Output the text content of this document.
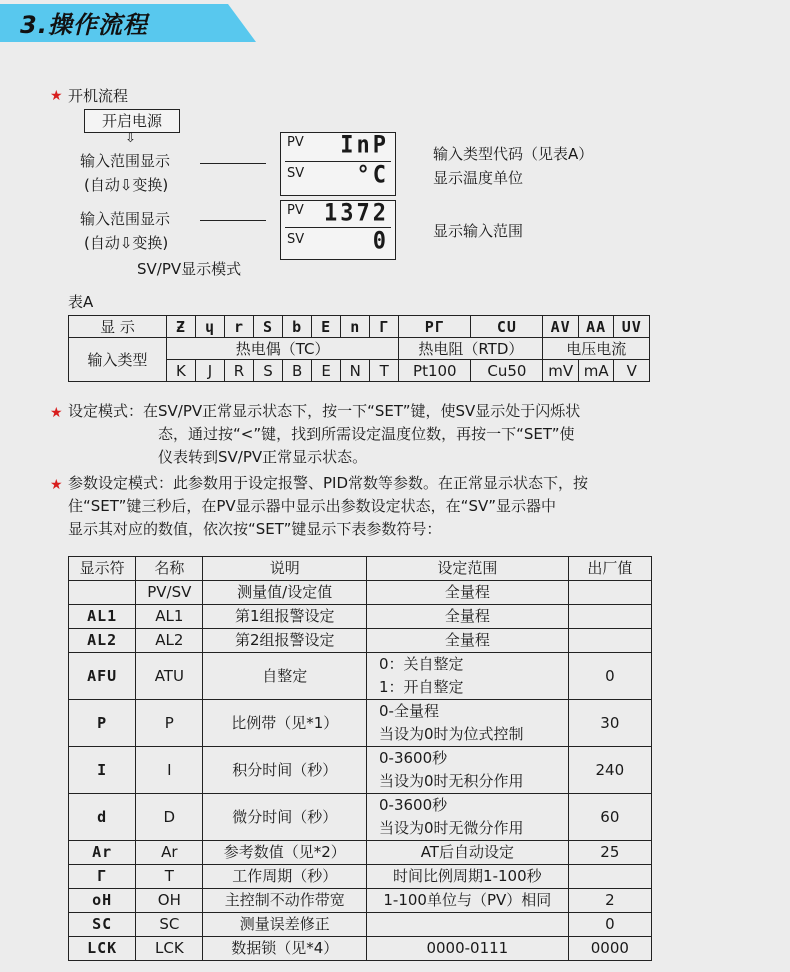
3.操作流程
★ 开机流程
开启电源
⇩
输入范围显示
(自动⇩变换)
PV InP
SV °C
输入类型代码（见表A）
显示温度单位
输入范围显示
(自动⇩变换)
PV 1372
SV	0	显示输入范围
SV/PV显示模式
表A
显 示	Ƶ	ɥ	r	S	b	E	n	Γ	PΓ	CU	AV	AA	UV
输入类型	热电偶（TC）								热电阻（RTD）		电压电流		
	K	J	R	S	B	E	N	T	Pt100	Cu50	mV	mA	V
★ 设定模式：在SV/PV正常显示状态下，按一下“SET”键，使SV显示处于闪烁状
态，通过按“<”键，找到所需设定温度位数，再按一下“SET”使
仪表转到SV/PV正常显示状态。
★ 参数设定模式：此参数用于设定报警、PID常数等参数。在正常显示状态下，按
住“SET”键三秒后，在PV显示器中显示出参数设定状态，在“SV”显示器中
显示其对应的数值，依次按“SET”键显示下表参数符号：
显示符	名称	说明	设定范围	出厂值
	PV/SV	测量值/设定值	全量程	

AL1	AL1	第1组报警设定	全量程	

AL2	AL2	第2组报警设定	全量程	

AFU	ATU	自整定	0：关自整定
1：开自整定	0
P	P	比例带（见*1）	0-全量程
当设为0时为位式控制	30
I	I	积分时间（秒）	0-3600秒
当设为0时无积分作用	240
d	D	微分时间（秒）	0-3600秒
当设为0时无微分作用	60
Ar	Ar	参考数值（见*2）	AT后自动设定	25
Γ	T	工作周期（秒）	时间比例周期1-100秒	

oH	OH	主控制不动作带宽	1-100单位与（PV）相同	2
SC	SC	测量误差修正		0
LCK	LCK	数据锁（见*4）	0000-0111	0000
